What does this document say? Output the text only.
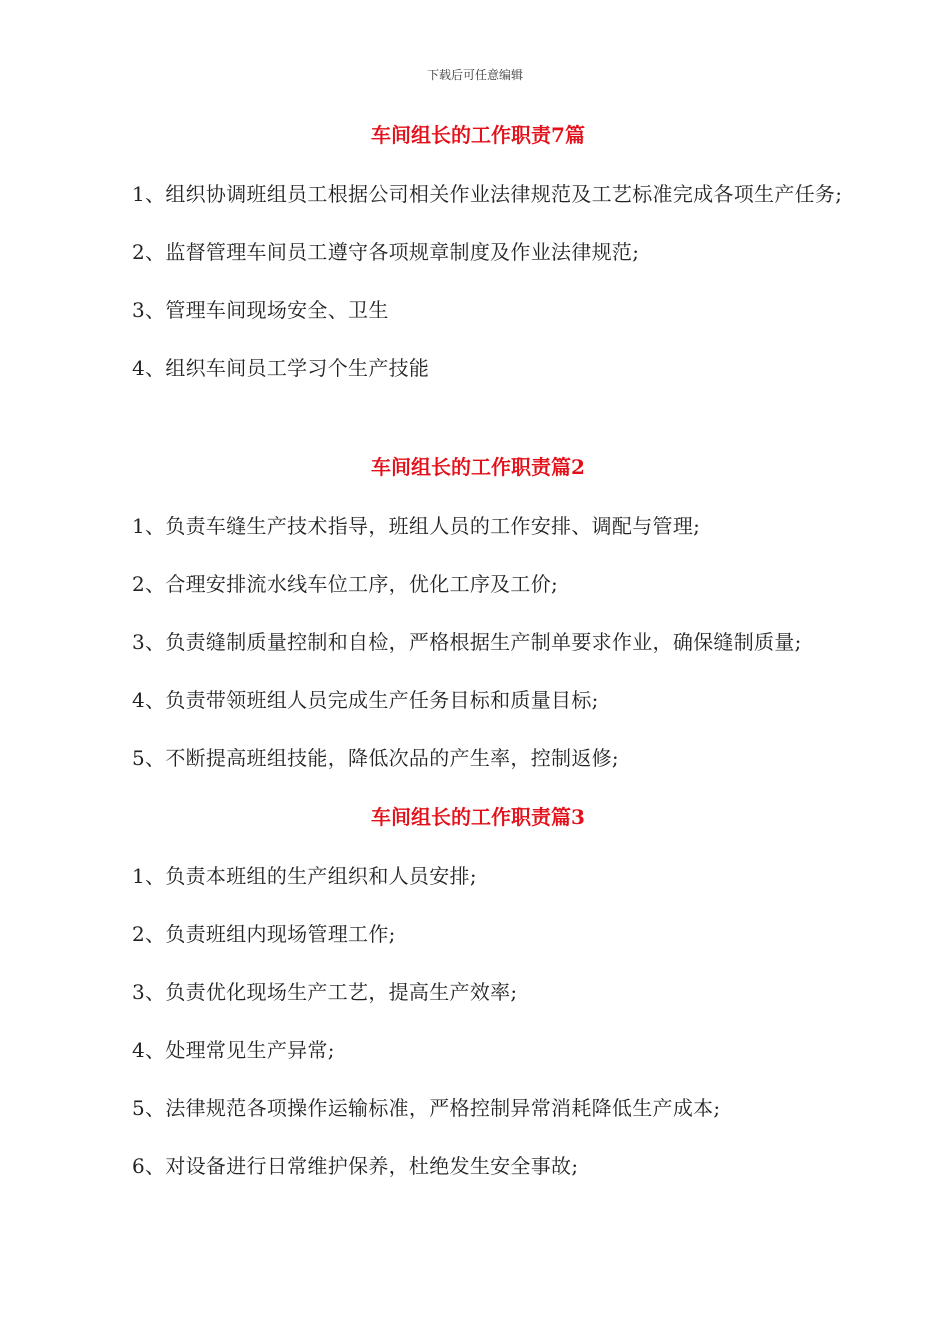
下载后可任意编辑
车间组长的工作职责7篇
1、组织协调班组员工根据公司相关作业法律规范及工艺标准完成各项生产任务;
2、监督管理车间员工遵守各项规章制度及作业法律规范;
3、管理车间现场安全、卫生
4、组织车间员工学习个生产技能
车间组长的工作职责篇2
1、负责车缝生产技术指导，班组人员的工作安排、调配与管理;
2、合理安排流水线车位工序，优化工序及工价;
3、负责缝制质量控制和自检，严格根据生产制单要求作业，确保缝制质量;
4、负责带领班组人员完成生产任务目标和质量目标;
5、不断提高班组技能，降低次品的产生率，控制返修;
车间组长的工作职责篇3
1、负责本班组的生产组织和人员安排;
2、负责班组内现场管理工作;
3、负责优化现场生产工艺，提高生产效率;
4、处理常见生产异常;
5、法律规范各项操作运输标准，严格控制异常消耗降低生产成本;
6、对设备进行日常维护保养，杜绝发生安全事故;
